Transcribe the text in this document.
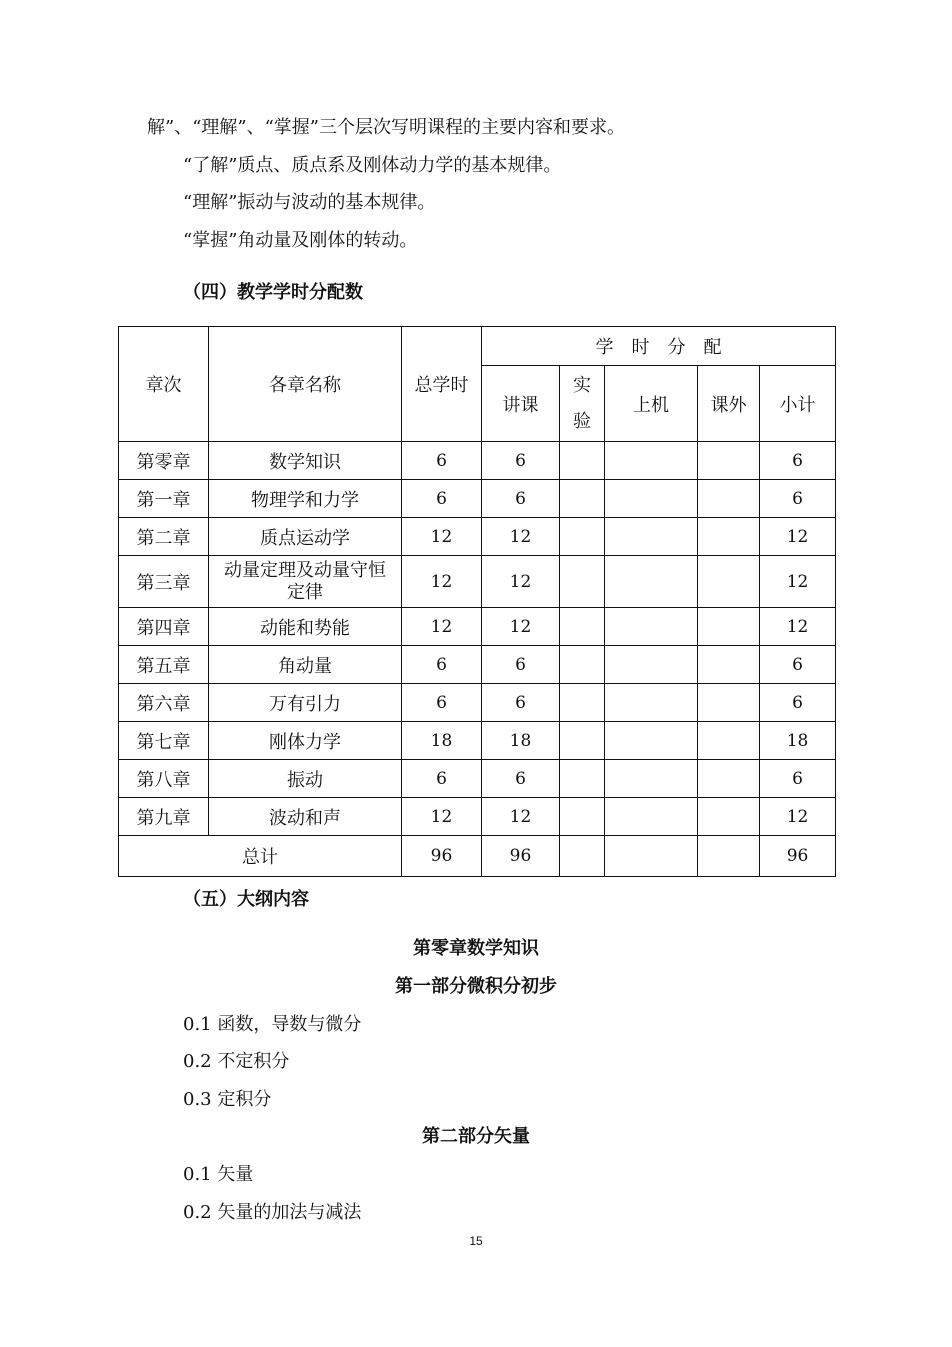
解”、“理解”、“掌握”三个层次写明课程的主要内容和要求。
“了解”质点、质点系及刚体动力学的基本规律。
“理解”振动与波动的基本规律。
“掌握”角动量及刚体的转动。
（四）教学学时分配数
章次	各章名称	总学时	学　时　分　配				
			讲课	实
验	上机	课外	小计
第零章	数学知识	6	6				6
第一章	物理学和力学	6	6				6
第二章	质点运动学	12	12				12
第三章	动量定理及动量守恒
定律	12	12				12
第四章	动能和势能	12	12				12
第五章	角动量	6	6				6
第六章	万有引力	6	6				6
第七章	刚体力学	18	18				18
第八章	振动	6	6				6
第九章	波动和声	12	12				12
总计		96	96				96
（五）大纲内容
第零章数学知识
第一部分微积分初步
0.1 函数，导数与微分
0.2 不定积分
0.3 定积分
第二部分矢量
0.1 矢量
0.2 矢量的加法与减法
15
